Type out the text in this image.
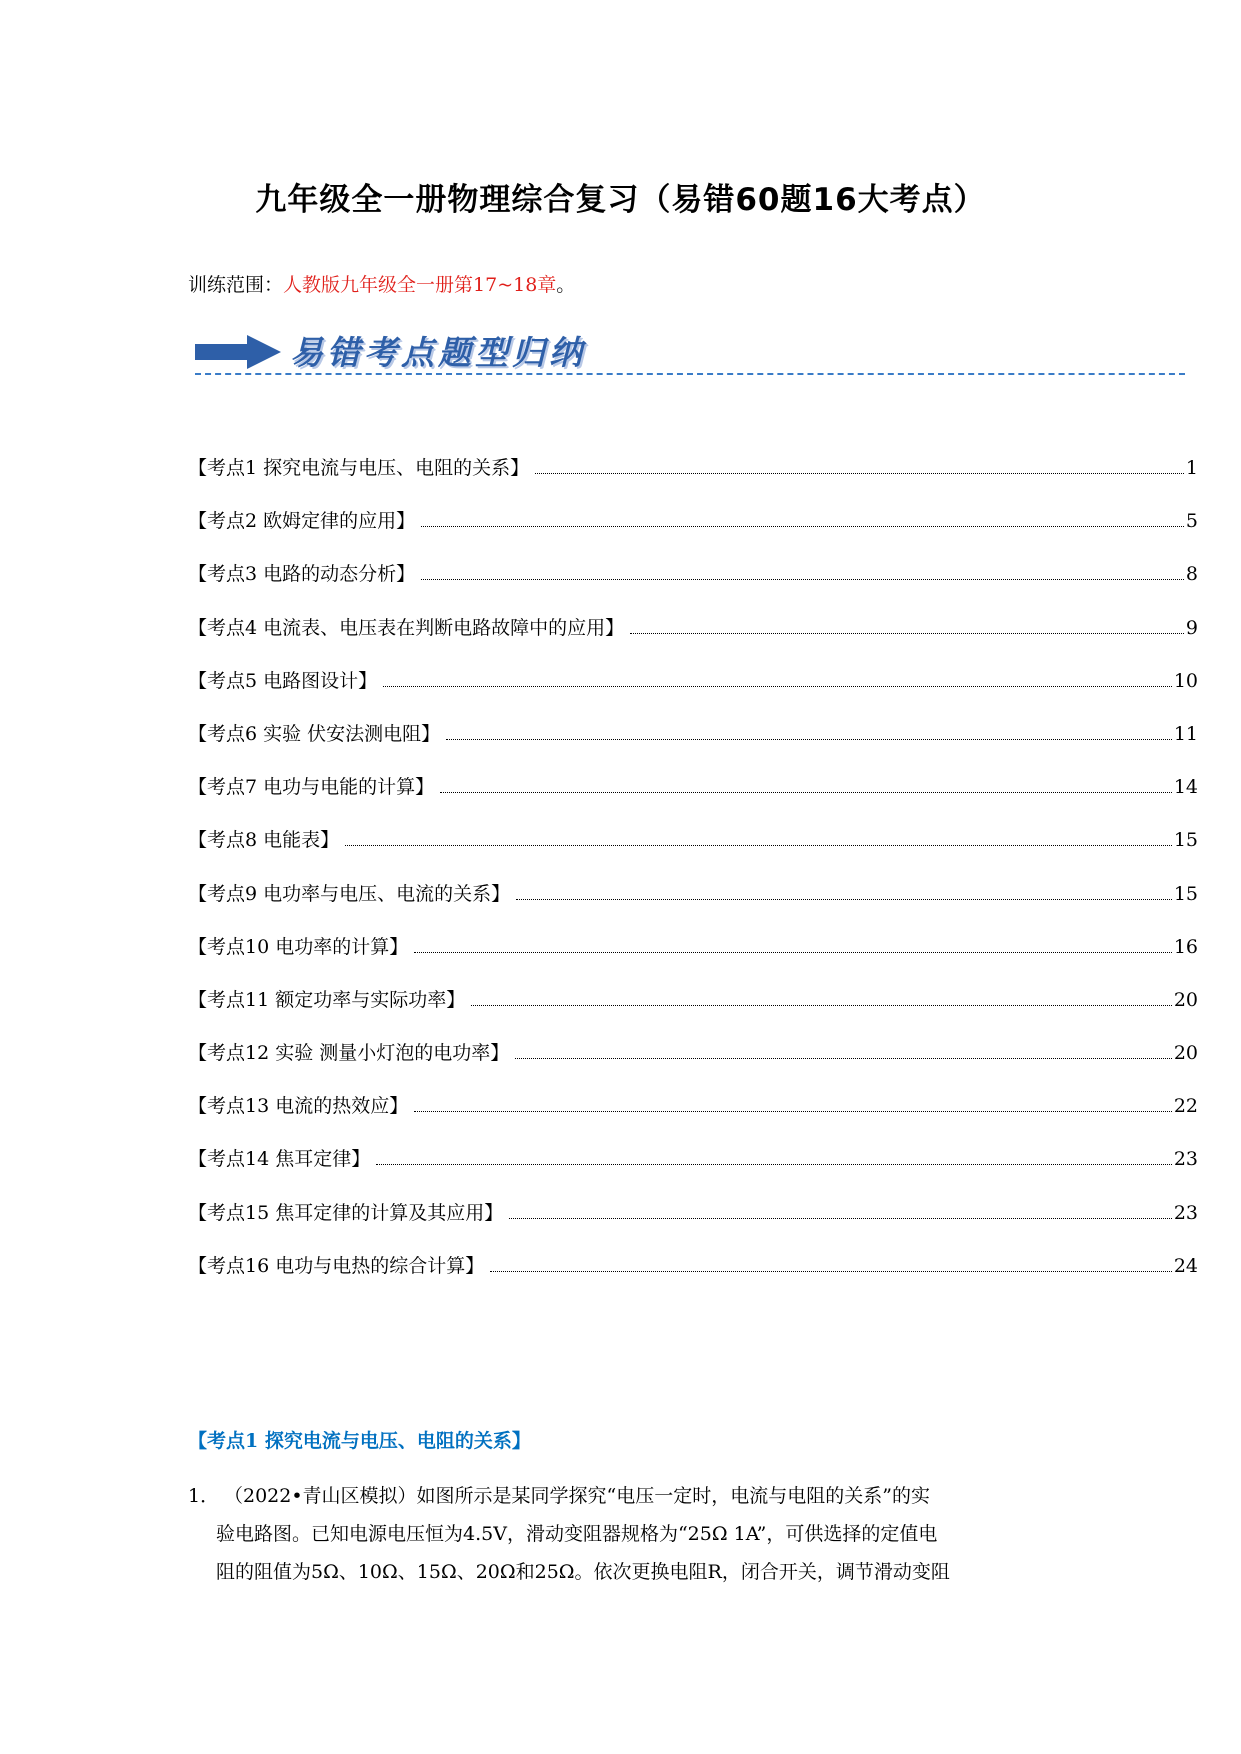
九年级全一册物理综合复习（易错60题16大考点）
训练范围：人教版九年级全一册第17~18章。
易错考点题型归纳
【考点1 探究电流与电压、电阻的关系】	1
【考点2 欧姆定律的应用】	5
【考点3 电路的动态分析】	8
【考点4 电流表、电压表在判断电路故障中的应用】	9
【考点5 电路图设计】	10
【考点6 实验 伏安法测电阻】	11
【考点7 电功与电能的计算】	14
【考点8 电能表】	15
【考点9 电功率与电压、电流的关系】	15
【考点10 电功率的计算】	16
【考点11 额定功率与实际功率】	20
【考点12 实验 测量小灯泡的电功率】	20
【考点13 电流的热效应】	22
【考点14 焦耳定律】	23
【考点15 焦耳定律的计算及其应用】	23
【考点16 电功与电热的综合计算】	24
【考点1 探究电流与电压、电阻的关系】
1． （2022•青山区模拟）如图所示是某同学探究“电压一定时，电流与电阻的关系”的实
验电路图。已知电源电压恒为4.5V，滑动变阻器规格为“25Ω 1A”，可供选择的定值电
阻的阻值为5Ω、10Ω、15Ω、20Ω和25Ω。依次更换电阻R，闭合开关，调节滑动变阻
